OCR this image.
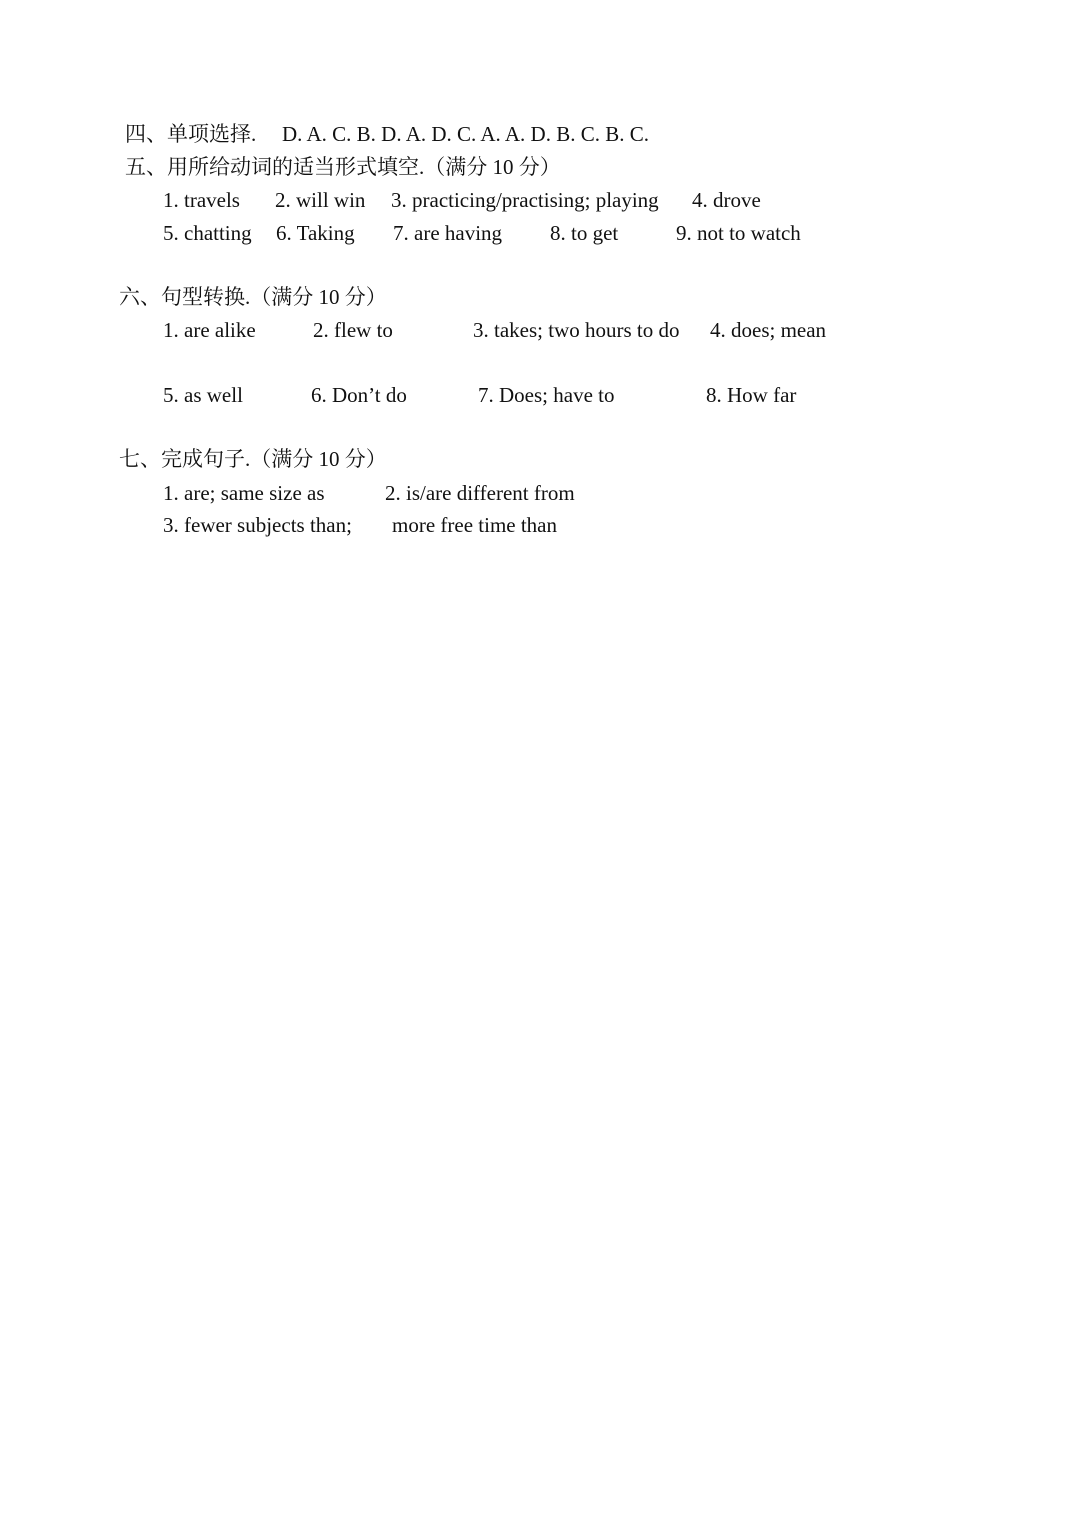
四、单项选择. D. A. C. B. D. A. D. C. A. A. D. B. C. B. C.
五、用所给动词的适当形式填空.（满分 10 分）
1. travels 2. will win 3. practicing/practising; playing 4. drove
5. chatting 6. Taking 7. are having 8. to get	9. not to watch
六、句型转换.（满分 10 分）
1. are alike	2. flew to	3. takes; two hours to do 4. does; mean
5. as well	6. Don’t do	7. Does; have to	8. How far
七、完成句子.（满分 10 分）
1. are; same size as	2. is/are different from
3. fewer subjects than; more free time than
